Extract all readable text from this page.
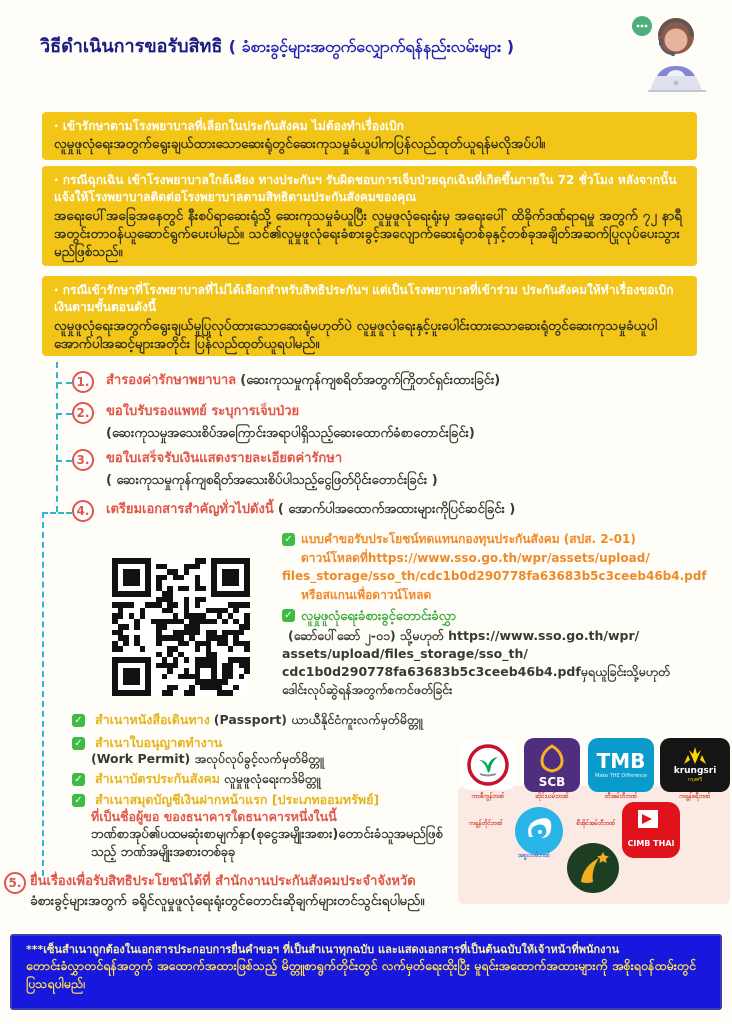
วิธีดำเนินการขอรับสิทธิ ( ခံစားခွင့်များအတွက်လျှောက်ရန်နည်းလမ်းများ )
· เข้ารักษาตามโรงพยาบาลที่เลือกในประกันสังคม ไม่ต้องทำเรื่องเบิก
လူမှုဖူလုံရေးအတွက်ရွေးချယ်ထားသောဆေးရုံတွင်ဆေးကုသမှုခံယူပါကပြန်လည်ထုတ်ယူရန်မလိုအပ်ပါ။
· กรณีฉุกเฉิน เข้าโรงพยาบาลใกล้เคียง ทางประกันฯ รับผิดชอบการเจ็บป่วยฉุกเฉินที่เกิดขึ้นภายใน 72 ชั่วโมง หลังจากนั้นแจ้งให้โรงพยาบาลติดต่อโรงพยาบาลตามสิทธิตามประกันสังคมของคุณ
အရေးပေါ်အခြေအနေတွင် နီးစပ်ရာဆေးရုံသို့ ဆေးကုသမှုခံယူပြီး လူမှုဖူလုံရေးရုံးမှ အရေးပေါ် ထိခိုက်ဒဏ်ရာရမှု အတွက် ၇၂ နာရီအတွင်းတာဝန်ယူဆောင်ရွက်ပေးပါမည်။ သင်၏လူမှုဖူလုံရေးခံစားခွင့်အလျောက်ဆေးရုံတစ်ခုနှင့်တစ်ခုအချိတ်အဆက်ပြုလုပ်ပေးသွားမည်ဖြစ်သည်။
· กรณีเข้ารักษาที่โรงพยาบาลที่ไม่ได้เลือกสำหรับสิทธิประกันฯ แต่เป็นโรงพยาบาลที่เข้าร่วม ประกันสังคมให้ทำเรื่องขอเบิกเงินตามขั้นตอนดังนี้
လူမှုဖူလုံရေးအတွက်ရွေးချယ်မှုပြုလုပ်ထားသောဆေးရုံမဟုတ်ပဲ လူမှုဖူလုံရေးနှင့်ပူးပေါင်းထားသောဆေးရုံတွင်ဆေးကုသမှုခံယူပါအောက်ပါအဆင့်များအတိုင်း ပြန်လည်ထုတ်ယူရပါမည်။
1.	สำรองค่ารักษาพยาบาล (ဆေးကုသမှုကုန်ကျစရိတ်အတွက်ကြိုတင်ရှင်းထားခြင်း)
2.	ขอใบรับรองแพทย์ ระบุการเจ็บป่วย
(ဆေးကုသမှုအသေးစိပ်အကြောင်းအရာပါရှိသည့်ဆေးထောက်ခံစာတောင်းခြင်း)
3.	ขอใบเสร็จรับเงินแสดงรายละเอียดค่ารักษา
( ဆေးကုသမှုကုန်ကျစရိတ်အသေးစိပ်ပါသည့်ငွေဖြတ်ပိုင်းတောင်းခြင်း )
4.	เตรียมเอกสารสำคัญทั่วไปดังนี้ ( အောက်ပါအထောက်အထားများကိုပြင်ဆင်ခြင်း )
✓ แบบคำขอรับประโยชน์ทดแทนกองทุนประกันสังคม (สปส. 2-01)
ดาวน์โหลดที่https://www.sso.go.th/wpr/assets/upload/
files_storage/sso_th/cdc1b0d290778fa63683b5c3ceeb46b4.pdf
หรือสแกนเพื่อดาวน์โหลด
✓ လူမှုဖူလုံရေးခံစားခွင့်တောင်းခံလွှာ
(ဆော်ပေါ်ဆော် ၂-၀၁) သို့မဟုတ် https://www.sso.go.th/wpr/
assets/upload/files_storage/sso_th/
cdc1b0d290778fa63683b5c3ceeb46b4.pdfမှရယူခြင်းသို့မဟုတ်
ဒေါင်းလုပ်ဆွဲရန်အတွက်စကင်ဖတ်ခြင်း
✓ สำเนาหนังสือเดินทาง (Passport) ယာယီနိုင်ငံကူးလက်မှတ်မိတ္တူ
✓ สำเนาใบอนุญาตทำงาน
(Work Permit) အလုပ်လုပ်ခွင့်လက်မှတ်မိတ္တူ
✓ สำเนาบัตรประกันสังคม လူမှုဖူလုံရေးကဒ်မိတ္တူ
✓ สำเนาสมุดบัญชีเงินฝากหน้าแรก [ประเภทออมทรัพย์]
ที่เป็นชื่อผู้ขอ ของธนาคารใดธนาคารหนึ่งในนี้
ဘဏ်စာအုပ်၏ပထမဆုံးစာမျက်နှာ(စုငွေအမျိုးအစား)တောင်းခံသူအမည်ဖြစ်သည့် ဘဏ်အမျိုးအစားတစ်ခုခု
SCB
TMB
Make THE Difference	krungsri
กรุงศรี
ကာစီကွန်ဘဏ်	ဆိုင်းယမ်းဘဏ်	တီအမ်ဘီဘဏ်	ကရွန်စရီဘဏ်
ကရွန်တိုင်ဘဏ်	စီအိုင်အမ်ဘီဘဏ်
CIMB THAI
အစ္စလာမ်ဘဏ်
5. ยื่นเรื่องเพื่อรับสิทธิประโยชน์ได้ที่ สำนักงานประกันสังคมประจำจังหวัด
ခံစားခွင့်များအတွက် ခရိုင်လူမှုဖူလုံရေးရုံးတွင်တောင်းဆိုချက်များတင်သွင်းရပါမည်။
***เซ็นสำเนาถูกต้องในเอกสารประกอบการยื่นคำขอฯ ที่เป็นสำเนาทุกฉบับ และแสดงเอกสารที่เป็นต้นฉบับให้เจ้าหน้าที่พนักงาน
တောင်းခံလွှာတင်ရန်အတွက် အထောက်အထားဖြစ်သည့် မိတ္တူစာရွက်တိုင်းတွင် လက်မှတ်ရေးထိုးပြီး မူရင်းအထောက်အထားများကို အစိုးရဝန်ထမ်းတွင်ပြသရပါမည်၊
